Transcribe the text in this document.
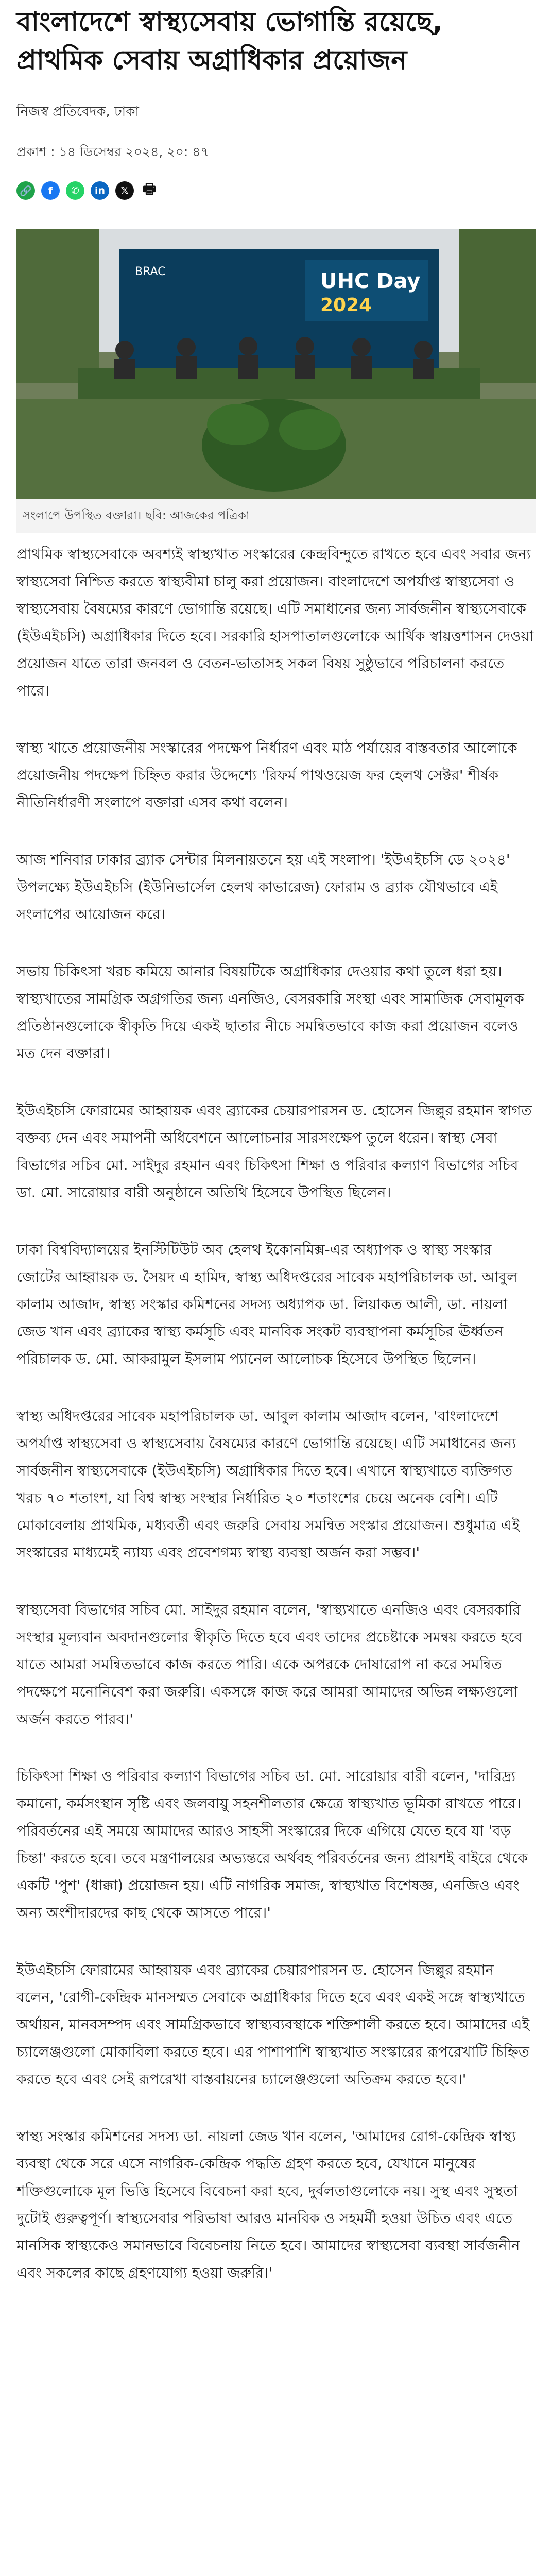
বাংলাদেশে স্বাস্থ্যসেবায় ভোগান্তি রয়েছে, প্রাথমিক সেবায় অগ্রাধিকার প্রয়োজন
নিজস্ব প্রতিবেদক, ঢাকা
প্রকাশ : ১৪ ডিসেম্বর ২০২৪, ২০: ৪৭
🔗	f	✆	in	𝕏 🖶
BRAC	UHC Day
2024
সংলাপে উপস্থিত বক্তারা। ছবি: আজকের পত্রিকা

প্রাথমিক স্বাস্থ্যসেবাকে অবশ্যই স্বাস্থ্যখাত সংস্কারের কেন্দ্রবিন্দুতে রাখতে হবে এবং সবার জন্য স্বাস্থ্যসেবা নিশ্চিত করতে স্বাস্থ্যবীমা চালু করা প্রয়োজন। বাংলাদেশে অপর্যাপ্ত স্বাস্থ্যসেবা ও স্বাস্থ্যসেবায় বৈষম্যের কারণে ভোগান্তি রয়েছে। এটি সমাধানের জন্য সার্বজনীন স্বাস্থ্যসেবাকে (ইউএইচসি) অগ্রাধিকার দিতে হবে। সরকারি হাসপাতালগুলোকে আর্থিক স্বায়ত্তশাসন দেওয়া প্রয়োজন যাতে তারা জনবল ও বেতন-ভাতাসহ সকল বিষয় সুষ্ঠুভাবে পরিচালনা করতে পারে।

স্বাস্থ্য খাতে প্রয়োজনীয় সংস্কারের পদক্ষেপ নির্ধারণ এবং মাঠ পর্যায়ের বাস্তবতার আলোকে প্রয়োজনীয় পদক্ষেপ চিহ্নিত করার উদ্দেশ্যে 'রিফর্ম পাথওয়েজ ফর হেলথ সেক্টর' শীর্ষক নীতিনির্ধারণী সংলাপে বক্তারা এসব কথা বলেন।

আজ শনিবার ঢাকার ব্র্যাক সেন্টার মিলনায়তনে হয় এই সংলাপ। 'ইউএইচসি ডে ২০২৪' উপলক্ষ্যে ইউএইচসি (ইউনিভার্সেল হেলথ কাভারেজ) ফোরাম ও ব্র্যাক যৌথভাবে এই সংলাপের আয়োজন করে।

সভায় চিকিৎসা খরচ কমিয়ে আনার বিষয়টিকে অগ্রাধিকার দেওয়ার কথা তুলে ধরা হয়। স্বাস্থ্যখাতের সামগ্রিক অগ্রগতির জন্য এনজিও, বেসরকারি সংস্থা এবং সামাজিক সেবামূলক প্রতিষ্ঠানগুলোকে স্বীকৃতি দিয়ে একই ছাতার নীচে সমন্বিতভাবে কাজ করা প্রয়োজন বলেও মত দেন বক্তারা।

ইউএইচসি ফোরামের আহ্বায়ক এবং ব্র্যাকের চেয়ারপারসন ড. হোসেন জিল্লুর রহমান স্বাগত বক্তব্য দেন এবং সমাপনী অধিবেশনে আলোচনার সারসংক্ষেপ তুলে ধরেন। স্বাস্থ্য সেবা বিভাগের সচিব মো. সাইদুর রহমান এবং চিকিৎসা শিক্ষা ও পরিবার কল্যাণ বিভাগের সচিব ডা. মো. সারোয়ার বারী অনুষ্ঠানে অতিথি হিসেবে উপস্থিত ছিলেন।

ঢাকা বিশ্ববিদ্যালয়ের ইনস্টিটিউট অব হেলথ ইকোনমিক্স-এর অধ্যাপক ও স্বাস্থ্য সংস্কার জোটের আহ্বায়ক ড. সৈয়দ এ হামিদ, স্বাস্থ্য অধিদপ্তরের সাবেক মহাপরিচালক ডা. আবুল কালাম আজাদ, স্বাস্থ্য সংস্কার কমিশনের সদস্য অধ্যাপক ডা. লিয়াকত আলী, ডা. নায়লা জেড খান এবং ব্র্যাকের স্বাস্থ্য কর্মসূচি এবং মানবিক সংকট ব্যবস্থাপনা কর্মসূচির ঊর্ধ্বতন পরিচালক ড. মো. আকরামুল ইসলাম প্যানেল আলোচক হিসেবে উপস্থিত ছিলেন।

স্বাস্থ্য অধিদপ্তরের সাবেক মহাপরিচালক ডা. আবুল কালাম আজাদ বলেন, 'বাংলাদেশে অপর্যাপ্ত স্বাস্থ্যসেবা ও স্বাস্থ্যসেবায় বৈষম্যের কারণে ভোগান্তি রয়েছে। এটি সমাধানের জন্য সার্বজনীন স্বাস্থ্যসেবাকে (ইউএইচসি) অগ্রাধিকার দিতে হবে। এখানে স্বাস্থ্যখাতে ব্যক্তিগত খরচ ৭০ শতাংশ, যা বিশ্ব স্বাস্থ্য সংস্থার নির্ধারিত ২০ শতাংশের চেয়ে অনেক বেশি। এটি মোকাবেলায় প্রাথমিক, মধ্যবর্তী এবং জরুরি সেবায় সমন্বিত সংস্কার প্রয়োজন। শুধুমাত্র এই সংস্কারের মাধ্যমেই ন্যায্য এবং প্রবেশগম্য স্বাস্থ্য ব্যবস্থা অর্জন করা সম্ভব।'

স্বাস্থ্যসেবা বিভাগের সচিব মো. সাইদুর রহমান বলেন, 'স্বাস্থ্যখাতে এনজিও এবং বেসরকারি সংস্থার মূল্যবান অবদানগুলোর স্বীকৃতি দিতে হবে এবং তাদের প্রচেষ্টাকে সমন্বয় করতে হবে যাতে আমরা সমন্বিতভাবে কাজ করতে পারি। একে অপরকে দোষারোপ না করে সমন্বিত পদক্ষেপে মনোনিবেশ করা জরুরি। একসঙ্গে কাজ করে আমরা আমাদের অভিন্ন লক্ষ্যগুলো অর্জন করতে পারব।'

চিকিৎসা শিক্ষা ও পরিবার কল্যাণ বিভাগের সচিব ডা. মো. সারোয়ার বারী বলেন, 'দারিদ্র্য কমানো, কর্মসংস্থান সৃষ্টি এবং জলবায়ু সহনশীলতার ক্ষেত্রে স্বাস্থ্যখাত ভূমিকা রাখতে পারে। পরিবর্তনের এই সময়ে আমাদের আরও সাহসী সংস্কারের দিকে এগিয়ে যেতে হবে যা 'বড় চিন্তা' করতে হবে। তবে মন্ত্রণালয়ের অভ্যন্তরে অর্থবহ পরিবর্তনের জন্য প্রায়শই বাইরে থেকে একটি 'পুশ' (ধাক্কা) প্রয়োজন হয়। এটি নাগরিক সমাজ, স্বাস্থ্যখাত বিশেষজ্ঞ, এনজিও এবং অন্য অংশীদারদের কাছ থেকে আসতে পারে।'

ইউএইচসি ফোরামের আহ্বায়ক এবং ব্র্যাকের চেয়ারপারসন ড. হোসেন জিল্লুর রহমান বলেন, 'রোগী-কেন্দ্রিক মানসম্মত সেবাকে অগ্রাধিকার দিতে হবে এবং একই সঙ্গে স্বাস্থ্যখাতে অর্থায়ন, মানবসম্পদ এবং সামগ্রিকভাবে স্বাস্থ্যব্যবস্থাকে শক্তিশালী করতে হবে। আমাদের এই চ্যালেঞ্জগুলো মোকাবিলা করতে হবে। এর পাশাপাশি স্বাস্থ্যখাত সংস্কারের রূপরেখাটি চিহ্নিত করতে হবে এবং সেই রূপরেখা বাস্তবায়নের চ্যালেঞ্জগুলো অতিক্রম করতে হবে।'

স্বাস্থ্য সংস্কার কমিশনের সদস্য ডা. নায়লা জেড খান বলেন, 'আমাদের রোগ-কেন্দ্রিক স্বাস্থ্য ব্যবস্থা থেকে সরে এসে নাগরিক-কেন্দ্রিক পদ্ধতি গ্রহণ করতে হবে, যেখানে মানুষের শক্তিগুলোকে মূল ভিত্তি হিসেবে বিবেচনা করা হবে, দুর্বলতাগুলোকে নয়। সুস্থ এবং সুস্থতা দুটোই গুরুত্বপূর্ণ। স্বাস্থ্যসেবার পরিভাষা আরও মানবিক ও সহমর্মী হওয়া উচিত এবং এতে মানসিক স্বাস্থ্যকেও সমানভাবে বিবেচনায় নিতে হবে। আমাদের স্বাস্থ্যসেবা ব্যবস্থা সার্বজনীন এবং সকলের কাছে গ্রহণযোগ্য হওয়া জরুরি।'
